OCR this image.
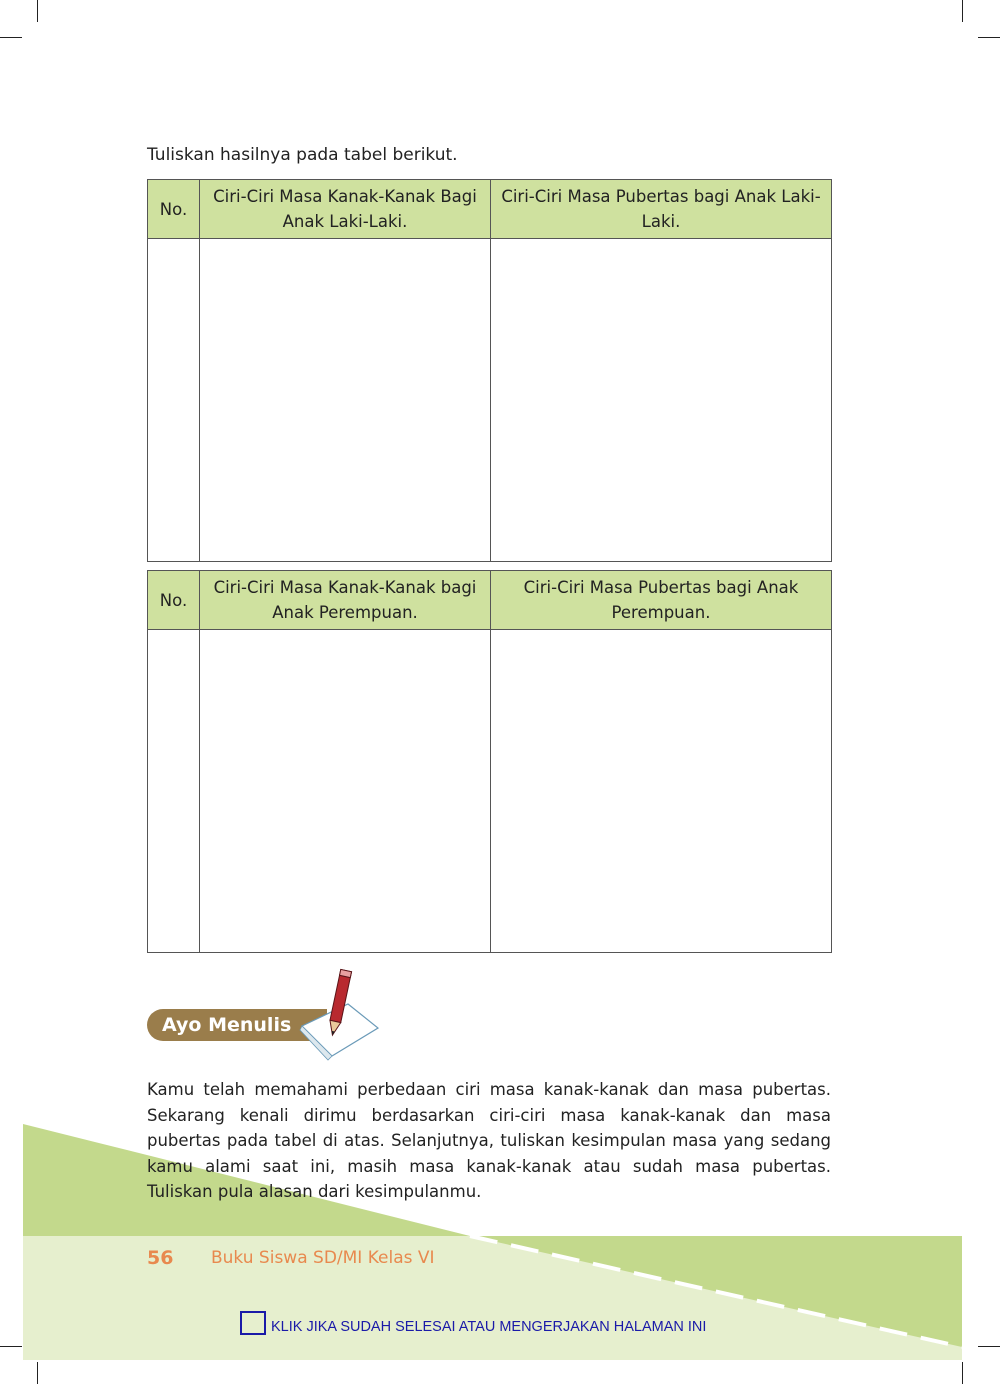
Tuliskan hasilnya pada tabel berikut.
No.	Ciri-Ciri Masa Kanak-Kanak Bagi Anak Laki-Laki.	Ciri-Ciri Masa Pubertas bagi Anak Laki-Laki.

No.	Ciri-Ciri Masa Kanak-Kanak bagi Anak Perempuan.	Ciri-Ciri Masa Pubertas bagi Anak Perempuan.

Ayo Menulis
Kamu telah memahami perbedaan ciri masa kanak-kanak dan masa pubertas. Sekarang kenali dirimu berdasarkan ciri-ciri masa kanak-kanak dan masa pubertas pada tabel di atas. Selanjutnya, tuliskan kesimpulan masa yang sedang kamu alami saat ini, masih masa kanak-kanak atau sudah masa pubertas. Tuliskan pula alasan dari kesimpulanmu.
56 Buku Siswa SD/MI Kelas VI
KLIK JIKA SUDAH SELESAI ATAU MENGERJAKAN HALAMAN INI
